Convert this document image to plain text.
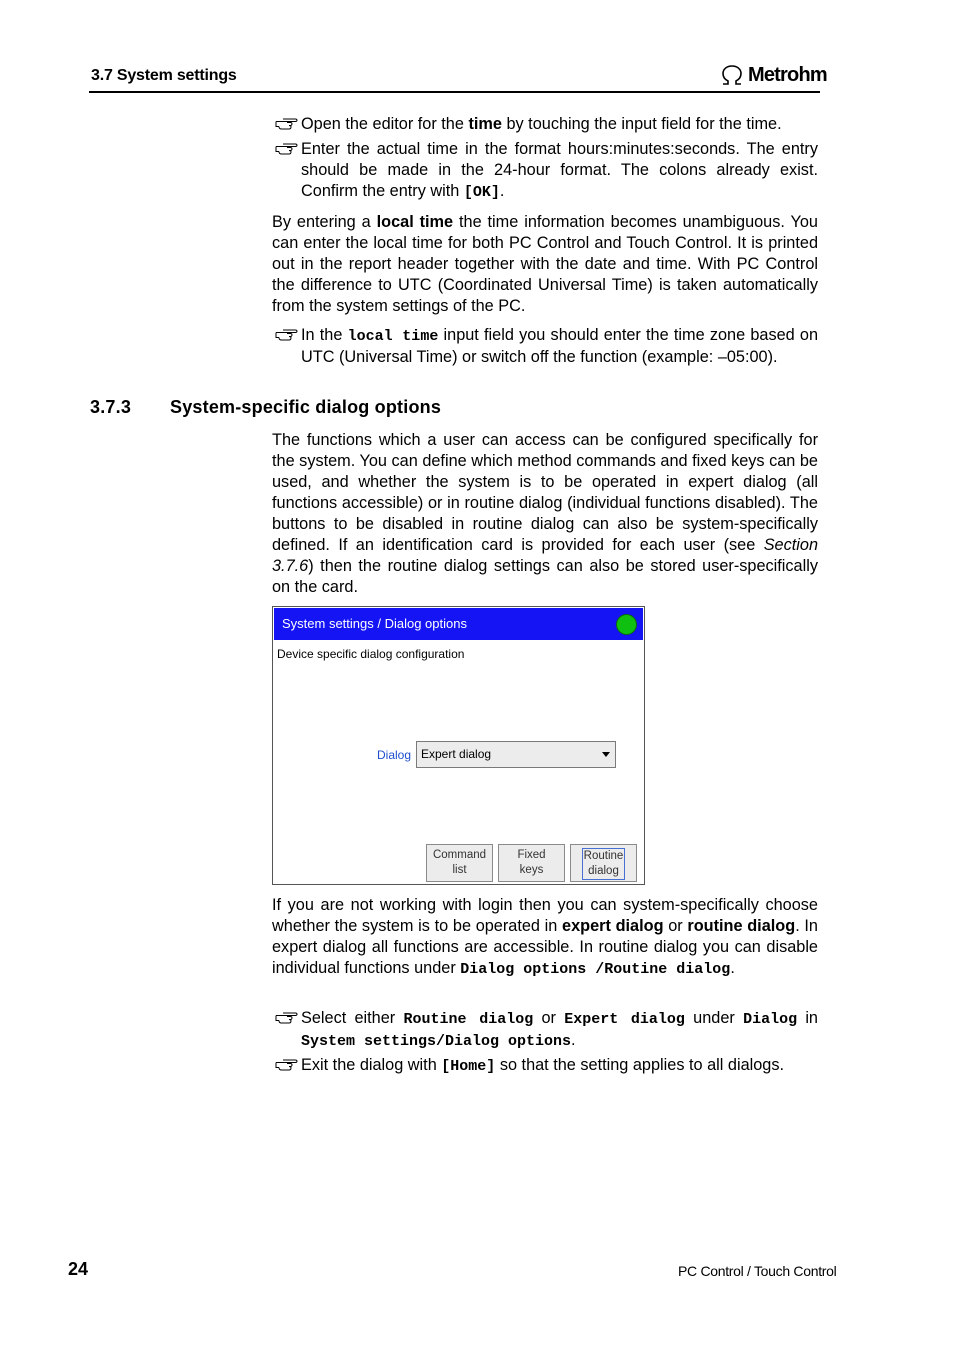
3.7 System settings	Metrohm
Open the editor for the time by touching the input field for the time.
Enter the actual time in the format hours:minutes:seconds. The entry should be made in the 24-hour format. The colons already exist. Confirm the entry with [OK].

By entering a local time the time information becomes unambiguous. You can enter the local time for both PC Control and Touch Control. It is printed out in the report header together with the date and time. With PC Control the difference to UTC (Coordinated Universal Time) is taken automatically from the system settings of the PC.

In the local time input field you should enter the time zone based on UTC (Universal Time) or switch off the function (example: –05:00).
3.7.3 System-specific dialog options

The functions which a user can access can be configured specifically for the system. You can define which method commands and fixed keys can be used, and whether the system is to be operated in expert dialog (all functions accessible) or in routine dialog (individual functions disabled). The buttons to be disabled in routine dialog can also be system-specifically defined. If an identification card is provided for each user (see Section 3.7.6) then the routine dialog settings can also be stored user-specifically on the card.

System settings / Dialog options
Device specific dialog configuration
Dialog Expert dialog
Command
list
Fixed
keys
Routine
dialog

If you are not working with login then you can system-specifically choose whether the system is to be operated in expert dialog or routine dialog. In expert dialog all functions are accessible. In routine dialog you can disable individual functions under Dialog options /Routine dialog.

Select either Routine dialog or Expert dialog under Dialog in System settings/Dialog options.
Exit the dialog with [Home] so that the setting applies to all dialogs.
24	PC Control / Touch Control
